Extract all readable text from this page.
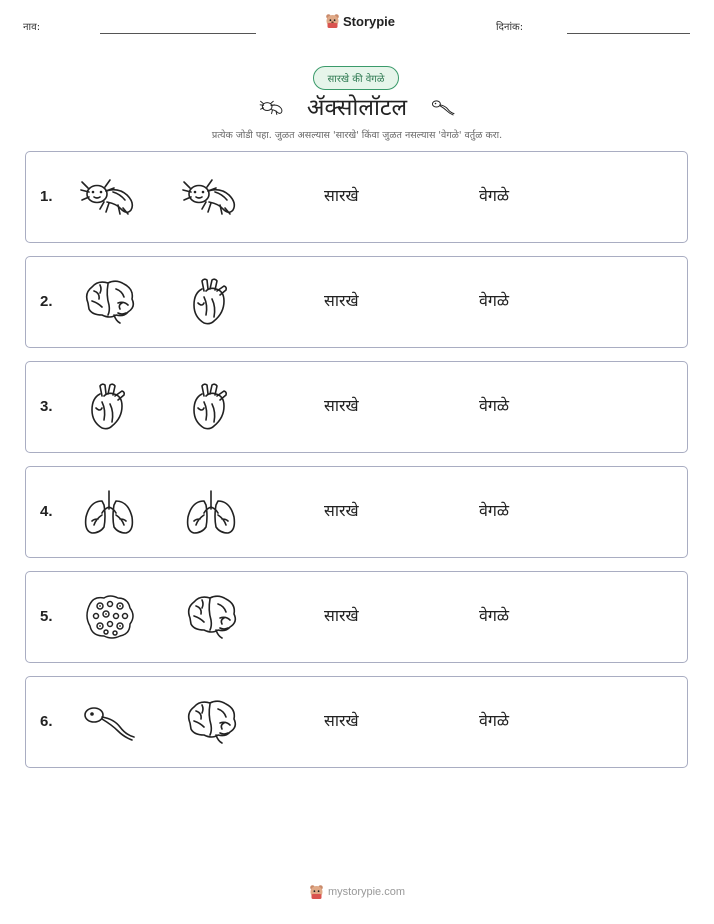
नाव:	Storypie	दिनांक:
सारखे की वेगळे
ॲक्सोलॉटल
प्रत्येक जोडी पहा. जुळत असल्यास 'सारखे' किंवा जुळत नसल्यास 'वेगळे' वर्तुळ करा.
1.	सारखे	वेगळे
2.	सारखे	वेगळे
3.	सारखे	वेगळे
4.	सारखे	वेगळे
5.	सारखे	वेगळे
6.	सारखे	वेगळे
mystorypie.com
